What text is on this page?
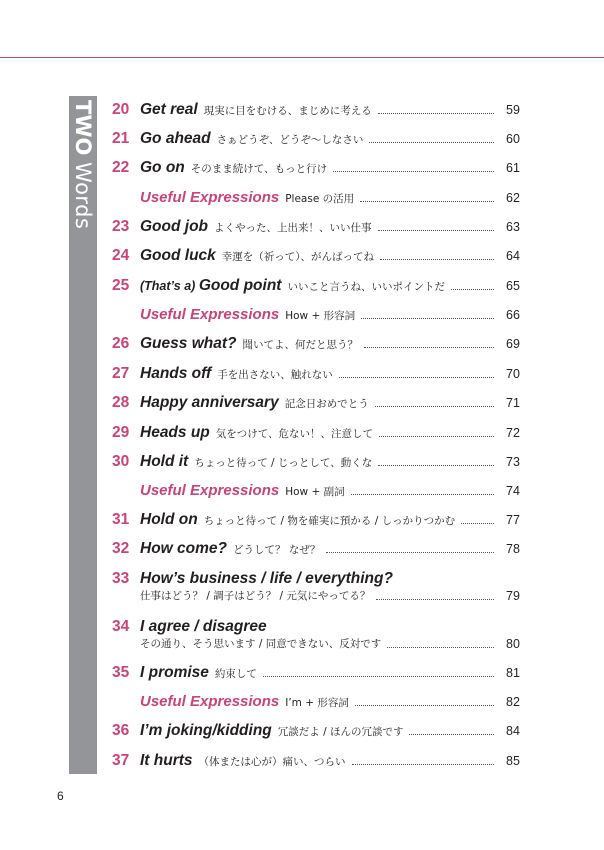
TWO Words
20 Get real 現実に目をむける、まじめに考える	59
21 Go ahead さぁどうぞ、どうぞ〜しなさい	60
22 Go on そのまま続けて、もっと行け	61
Useful Expressions Please の活用	62
23 Good job よくやった、上出来！、いい仕事	63
24 Good luck 幸運を（祈って）、がんばってね	64
25 (That’s a) Good point いいこと言うね、いいポイントだ	65
Useful Expressions How + 形容詞	66
26 Guess what? 聞いてよ、何だと思う？	69
27 Hands off 手を出さない、触れない	70
28 Happy anniversary 記念日おめでとう	71
29 Heads up 気をつけて、危ない！、注意して	72
30 Hold it ちょっと待って / じっとして、動くな	73
Useful Expressions How + 副詞	74
31 Hold on ちょっと待って / 物を確実に預かる / しっかりつかむ	77
32 How come? どうして？ なぜ？	78
33 How’s business / life / everything?
仕事はどう？ / 調子はどう？ / 元気にやってる？	79
34 I agree / disagree
その通り、そう思います / 同意できない、反対です	80
35 I promise 約束して	81
Useful Expressions I’m + 形容詞	82
36 I’m joking/kidding 冗談だよ / ほんの冗談です	84
37 It hurts （体または心が）痛い、つらい	85
6
